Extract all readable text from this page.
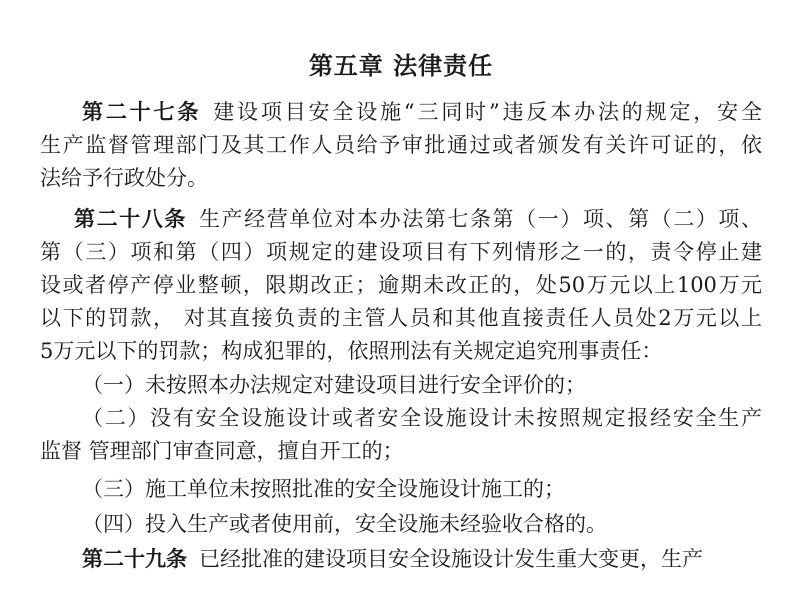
第五章 法律责任
第二十七条 建设项目安全设施“三同时”违反本办法的规定，安全
生产监督管理部门及其工作人员给予审批通过或者颁发有关许可证的，依
法给予行政处分。
第二十八条 生产经营单位对本办法第七条第（一）项、第（二）项、
第（三）项和第（四）项规定的建设项目有下列情形之一的，责令停止建
设或者停产停业整顿，限期改正；逾期未改正的，处50万元以上100万元
以下的罚款， 对其直接负责的主管人员和其他直接责任人员处2万元以上
5万元以下的罚款；构成犯罪的，依照刑法有关规定追究刑事责任：
（一）未按照本办法规定对建设项目进行安全评价的；
（二）没有安全设施设计或者安全设施设计未按照规定报经安全生产
监督 管理部门审查同意，擅自开工的；
（三）施工单位未按照批准的安全设施设计施工的；
（四）投入生产或者使用前，安全设施未经验收合格的。
第二十九条 已经批准的建设项目安全设施设计发生重大变更，生产
